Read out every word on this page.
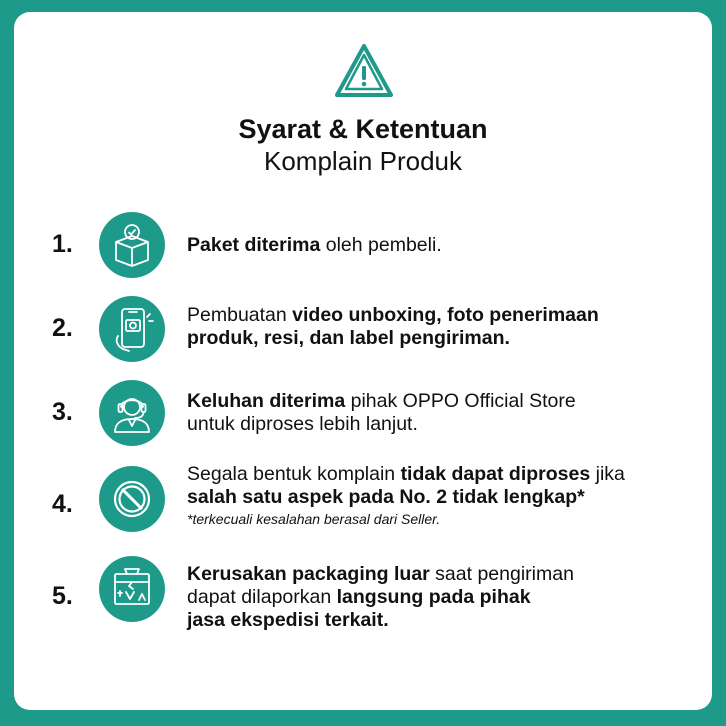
Syarat & Ketentuan
Komplain Produk
1.	Paket diterima oleh pembeli.
2.	Pembuatan video unboxing, foto penerimaan
produk, resi, dan label pengiriman.
3.	Keluhan diterima pihak OPPO Official Store
untuk diproses lebih lanjut.
4.
Segala bentuk komplain tidak dapat diproses jika
salah satu aspek pada No. 2 tidak lengkap*
*terkecuali kesalahan berasal dari Seller.
5.
Kerusakan packaging luar saat pengiriman
dapat dilaporkan langsung pada pihak
jasa ekspedisi terkait.
